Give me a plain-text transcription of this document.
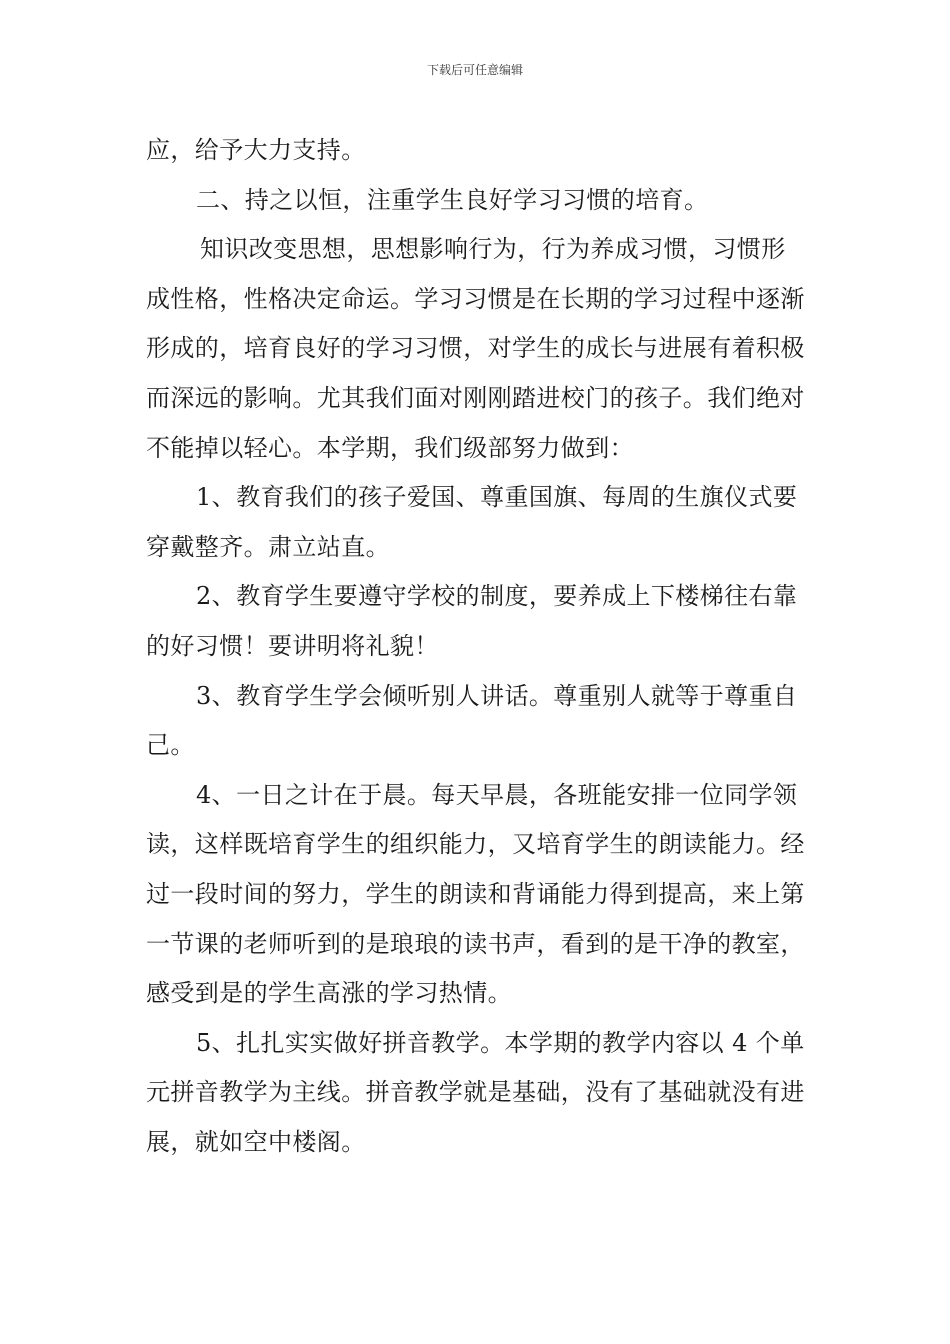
下载后可任意编辑

应，给予大力支持。

二、持之以恒，注重学生良好学习习惯的培育。

知识改变思想，思想影响行为，行为养成习惯，习惯形成性格，性格决定命运。学习习惯是在长期的学习过程中逐渐形成的，培育良好的学习习惯，对学生的成长与进展有着积极而深远的影响。尤其我们面对刚刚踏进校门的孩子。我们绝对不能掉以轻心。本学期，我们级部努力做到：

1、教育我们的孩子爱国、尊重国旗、每周的生旗仪式要穿戴整齐。肃立站直。

2、教育学生要遵守学校的制度，要养成上下楼梯往右靠的好习惯！要讲明将礼貌！

3、教育学生学会倾听别人讲话。尊重别人就等于尊重自己。

4、一日之计在于晨。每天早晨，各班能安排一位同学领读，这样既培育学生的组织能力，又培育学生的朗读能力。经过一段时间的努力，学生的朗读和背诵能力得到提高，来上第一节课的老师听到的是琅琅的读书声，看到的是干净的教室，感受到是的学生高涨的学习热情。

5、扎扎实实做好拼音教学。本学期的教学内容以 4 个单元拼音教学为主线。拼音教学就是基础，没有了基础就没有进展，就如空中楼阁。
